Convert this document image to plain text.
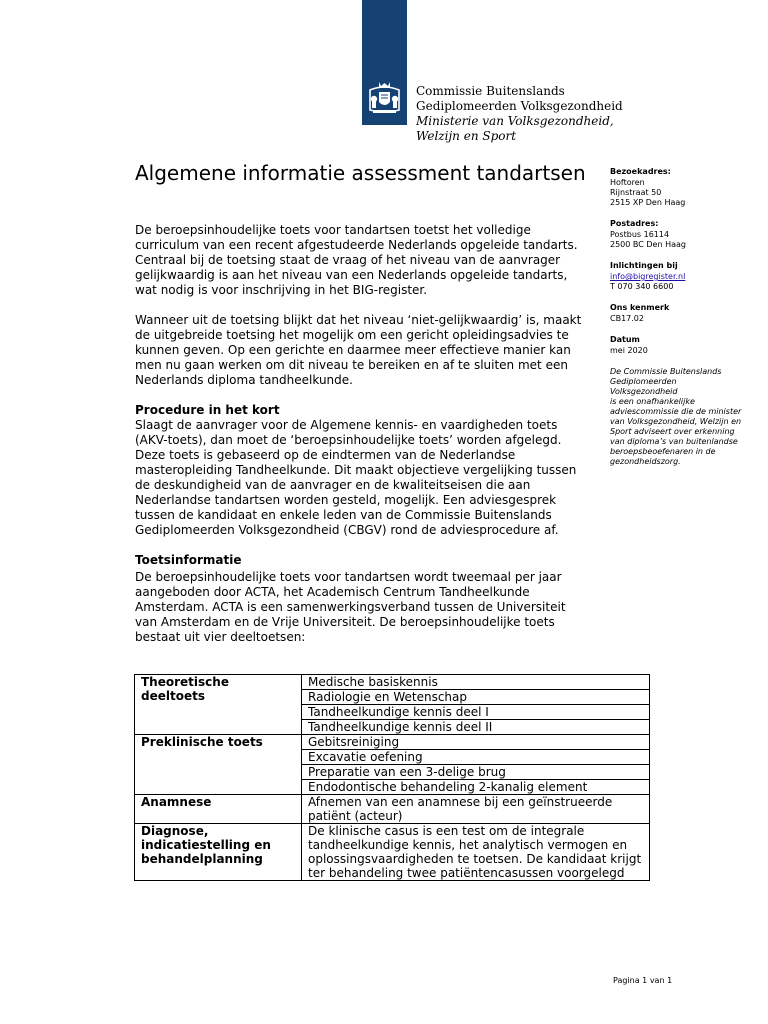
Commissie Buitenslands
Gediplomeerden Volksgezondheid
Ministerie van Volksgezondheid,
Welzijn en Sport
Algemene informatie assessment tandartsen

De beroepsinhoudelijke toets voor tandartsen toetst het volledige curriculum van een recent afgestudeerde Nederlands opgeleide tandarts. Centraal bij de toetsing staat de vraag of het niveau van de aanvrager gelijkwaardig is aan het niveau van een Nederlands opgeleide tandarts, wat nodig is voor inschrijving in het BIG-register.

Wanneer uit de toetsing blijkt dat het niveau ‘niet-gelijkwaardig’ is, maakt de uitgebreide toetsing het mogelijk om een gericht opleidingsadvies te kunnen geven. Op een gerichte en daarmee meer effectieve manier kan men nu gaan werken om dit niveau te bereiken en af te sluiten met een Nederlands diploma tandheelkunde.

Procedure in het kort

Slaagt de aanvrager voor de Algemene kennis- en vaardigheden toets (AKV-toets), dan moet de ‘beroepsinhoudelijke toets’ worden afgelegd. Deze toets is gebaseerd op de eindtermen van de Nederlandse masteropleiding Tandheelkunde. Dit maakt objectieve vergelijking tussen de deskundigheid van de aanvrager en de kwaliteitseisen die aan Nederlandse tandartsen worden gesteld, mogelijk. Een adviesgesprek tussen de kandidaat en enkele leden van de Commissie Buitenslands Gediplomeerden Volksgezondheid (CBGV) rond de adviesprocedure af.

Toetsinformatie

De beroepsinhoudelijke toets voor tandartsen wordt tweemaal per jaar aangeboden door ACTA, het Academisch Centrum Tandheelkunde Amsterdam. ACTA is een samenwerkingsverband tussen de Universiteit van Amsterdam en de Vrije Universiteit. De beroepsinhoudelijke toets bestaat uit vier deeltoetsen:

Theoretische deeltoets	Medische basiskennis
	Radiologie en Wetenschap
	Tandheelkundige kennis deel I
	Tandheelkundige kennis deel II
Preklinische toets	Gebitsreiniging
	Excavatie oefening
	Preparatie van een 3-delige brug
	Endodontische behandeling 2-kanalig element
Anamnese	Afnemen van een anamnese bij een geïnstrueerde patiënt (acteur)
Diagnose, indicatiestelling en behandelplanning	De klinische casus is een test om de integrale tandheelkundige kennis, het analytisch vermogen en oplossingsvaardigheden te toetsen. De kandidaat krijgt ter behandeling twee patiëntencasussen voorgelegd
Bezoekadres:
Hoftoren
Rijnstraat 50
2515 XP Den Haag
Postadres:
Postbus 16114
2500 BC Den Haag
Inlichtingen bij
info@bigregister.nl
T 070 340 6600
Ons kenmerk
CB17.02
Datum
mei 2020
De Commissie Buitenslands
Gediplomeerden
Volksgezondheid
is een onafhankelijke
adviescommissie die de minister
van Volksgezondheid, Welzijn en
Sport adviseert over erkenning
van diploma’s van buitenlandse
beroepsbeoefenaren in de
gezondheidszorg.
Pagina 1 van 1
